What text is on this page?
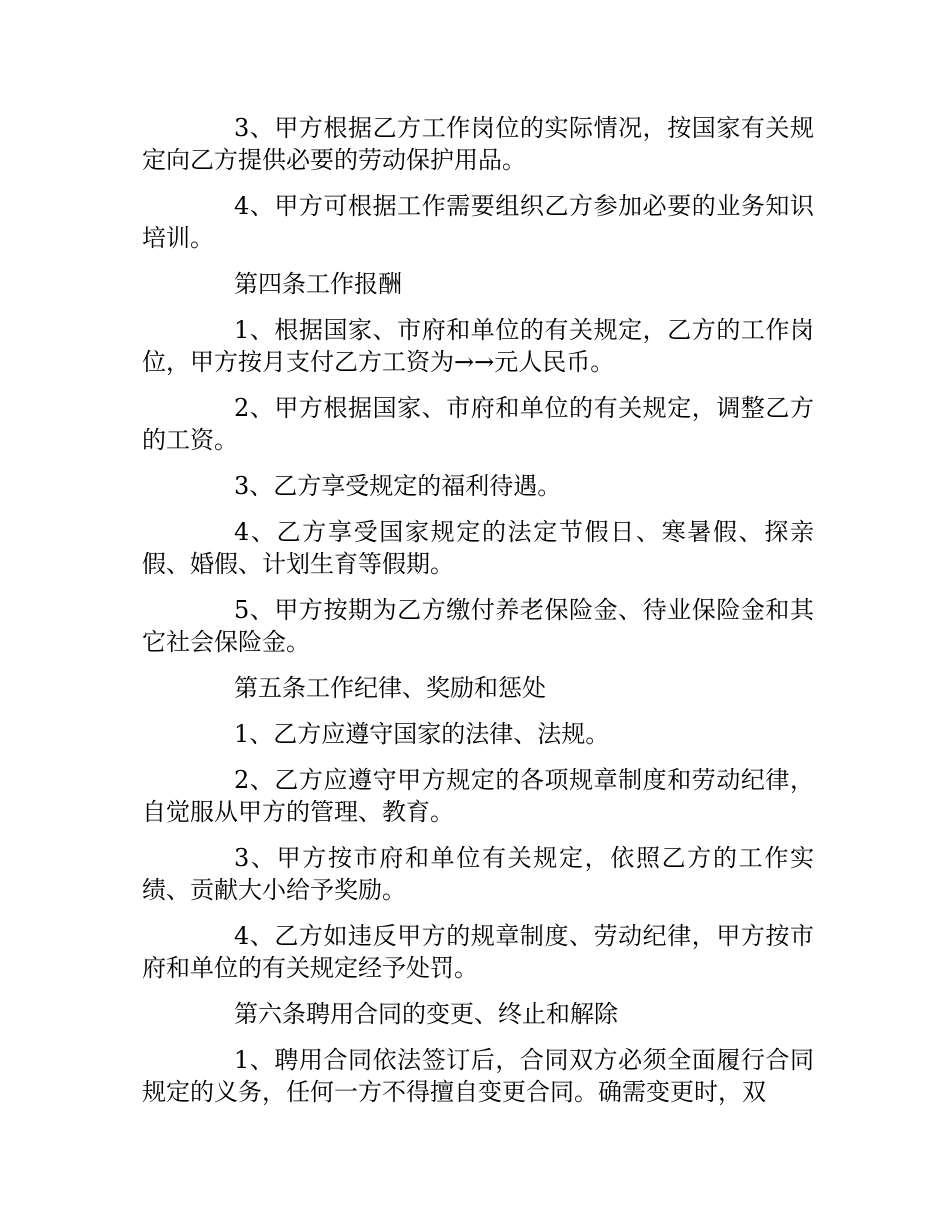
3、甲方根据乙方工作岗位的实际情况，按国家有关规定向乙方提供必要的劳动保护用品。

4、甲方可根据工作需要组织乙方参加必要的业务知识培训。

第四条工作报酬

1、根据国家、市府和单位的有关规定，乙方的工作岗位，甲方按月支付乙方工资为→→元人民币。

2、甲方根据国家、市府和单位的有关规定，调整乙方的工资。

3、乙方享受规定的福利待遇。

4、乙方享受国家规定的法定节假日、寒暑假、探亲假、婚假、计划生育等假期。

5、甲方按期为乙方缴付养老保险金、待业保险金和其它社会保险金。

第五条工作纪律、奖励和惩处

1、乙方应遵守国家的法律、法规。

2、乙方应遵守甲方规定的各项规章制度和劳动纪律，自觉服从甲方的管理、教育。

3、甲方按市府和单位有关规定，依照乙方的工作实绩、贡献大小给予奖励。

4、乙方如违反甲方的规章制度、劳动纪律，甲方按市府和单位的有关规定经予处罚。

第六条聘用合同的变更、终止和解除

1、聘用合同依法签订后，合同双方必须全面履行合同规定的义务，任何一方不得擅自变更合同。确需变更时，双
